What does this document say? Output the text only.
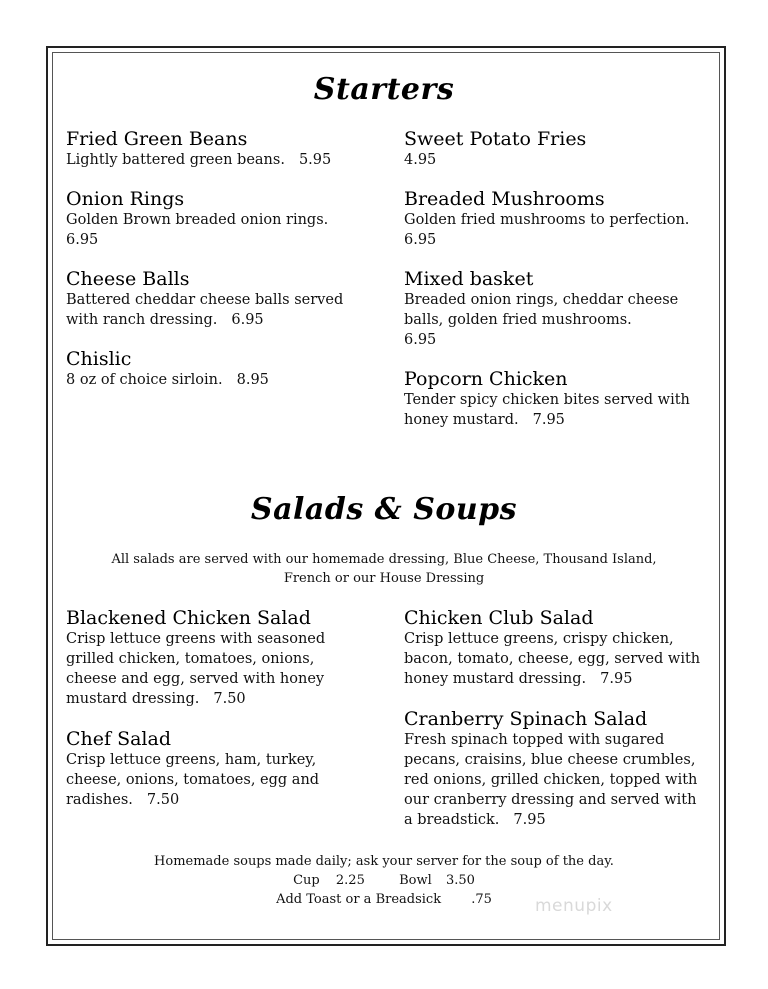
Starters
Fried Green Beans
Lightly battered green beans. 5.95
Onion Rings
Golden Brown breaded onion rings.
6.95
Cheese Balls
Battered cheddar cheese balls served with ranch dressing. 6.95
Chislic
8 oz of choice sirloin. 8.95
Sweet Potato Fries
4.95
Breaded Mushrooms
Golden fried mushrooms to perfection.
6.95
Mixed basket
Breaded onion rings, cheddar cheese balls, golden fried mushrooms.
6.95
Popcorn Chicken
Tender spicy chicken bites served with honey mustard. 7.95
Salads & Soups
All salads are served with our homemade dressing, Blue Cheese, Thousand Island,
French or our House Dressing
Blackened Chicken Salad
Crisp lettuce greens with seasoned grilled chicken, tomatoes, onions, cheese and egg, served with honey mustard dressing. 7.50
Chef Salad
Crisp lettuce greens, ham, turkey, cheese, onions, tomatoes, egg and radishes. 7.50
Chicken Club Salad
Crisp lettuce greens, crispy chicken, bacon, tomato, cheese, egg, served with honey mustard dressing. 7.95
Cranberry Spinach Salad
Fresh spinach topped with sugared pecans, craisins, blue cheese crumbles, red onions, grilled chicken, topped with our cranberry dressing and served with a breadstick. 7.95
Homemade soups made daily; ask your server for the soup of the day.
Cup 2.25	Bowl 3.50
Add Toast or a Breadsick .75	menupix
